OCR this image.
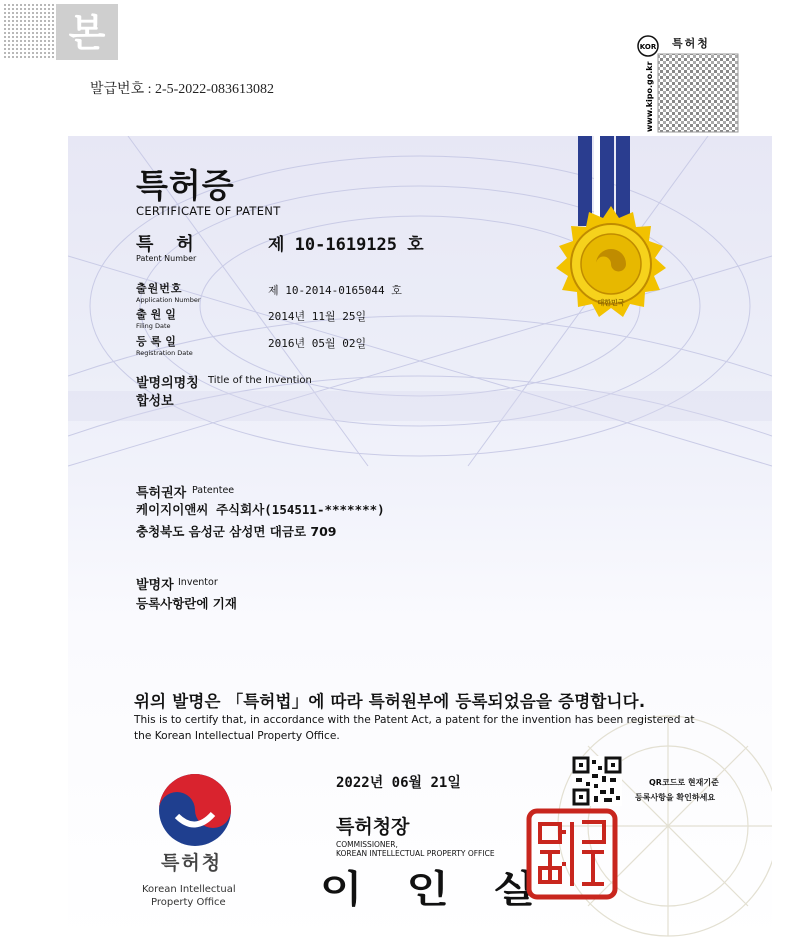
본
발급번호 : 2-5-2022-083613082
KOR
www.kipo.go.kr
특허청
대한민국
특허증
CERTIFICATE OF PATENT
특허
Patent Number
제 10-1619125 호
출원번호
Application Number
제 10-2014-0165044 호
출원일
Filing Date
2014년 11월 25일
등록일
Registration Date
2016년 05월 02일
발명의명칭 Title of the Invention
합성보
특허권자 Patentee
케이지이앤씨 주식회사(154511-*******)
충청북도 음성군 삼성면 대금로 709
발명자 Inventor
등록사항란에 기재
위의 발명은 「특허법」에 따라 특허원부에 등록되었음을 증명합니다.
This is to certify that, in accordance with the Patent Act, a patent for the invention has been registered at
the Korean Intellectual Property Office.
특허청
Korean Intellectual
Property Office
2022년 06월 21일	QR코드로 현재기준
등록사항을 확인하세요
특허청장
COMMISSIONER,
KOREAN INTELLECTUAL PROPERTY OFFICE
이인실
